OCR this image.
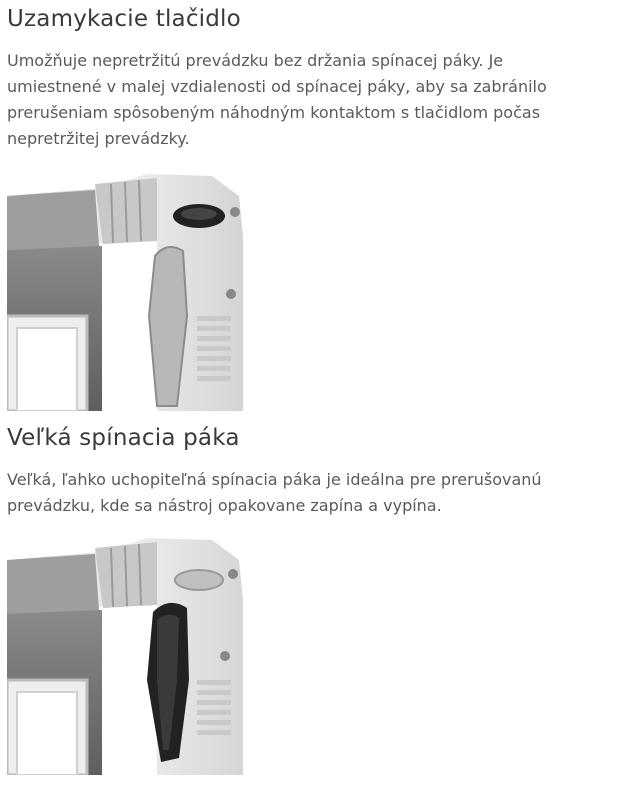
Uzamykacie tlačidlo

Umožňuje nepretržitú prevádzku bez držania spínacej páky. Je umiestnené v malej vzdialenosti od spínacej páky, aby sa zabránilo prerušeniam spôsobeným náhodným kontaktom s tlačidlom počas nepretržitej prevádzky.

Veľká spínacia páka

Veľká, ľahko uchopiteľná spínacia páka je ideálna pre prerušovanú prevádzku, kde sa nástroj opakovane zapína a vypína.
